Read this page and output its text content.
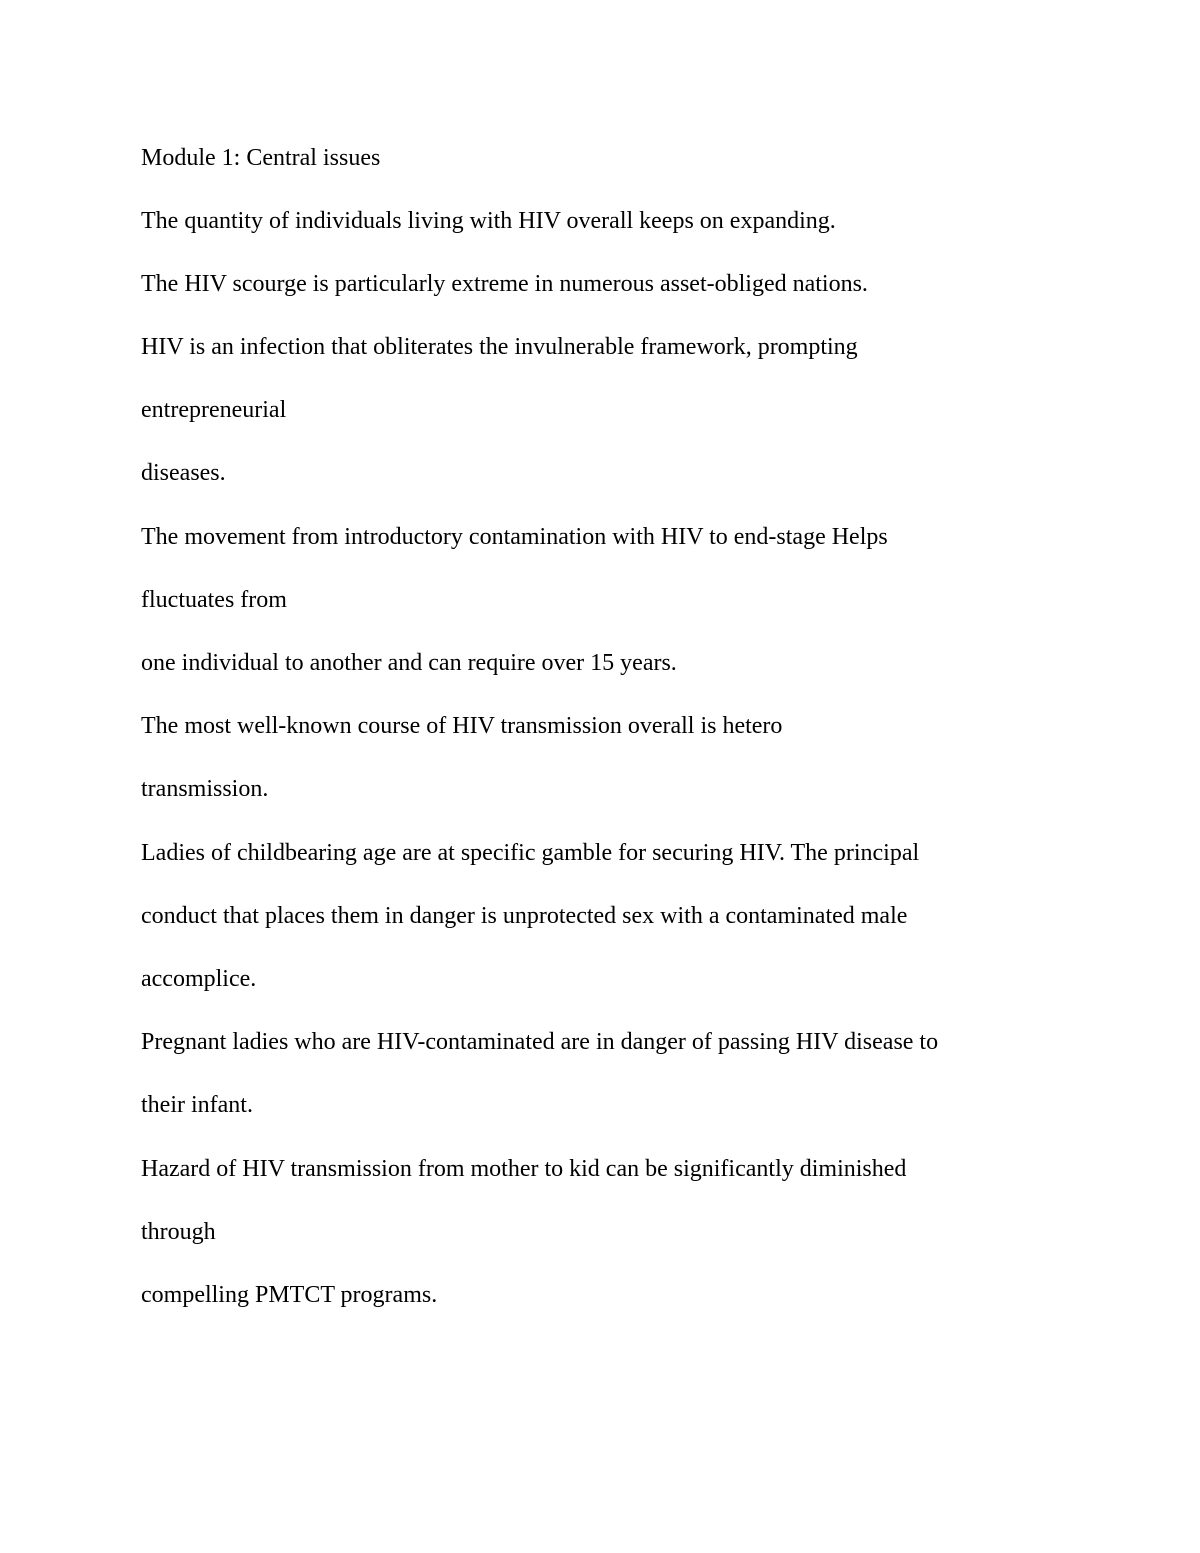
Module 1: Central issues

The quantity of individuals living with HIV overall keeps on expanding.

The HIV scourge is particularly extreme in numerous asset-obliged nations.

HIV is an infection that obliterates the invulnerable framework, prompting

entrepreneurial

diseases.

The movement from introductory contamination with HIV to end-stage Helps

fluctuates from

one individual to another and can require over 15 years.

The most well-known course of HIV transmission overall is hetero

transmission.

Ladies of childbearing age are at specific gamble for securing HIV. The principal

conduct that places them in danger is unprotected sex with a contaminated male

accomplice.

Pregnant ladies who are HIV-contaminated are in danger of passing HIV disease to

their infant.

Hazard of HIV transmission from mother to kid can be significantly diminished

through

compelling PMTCT programs.
